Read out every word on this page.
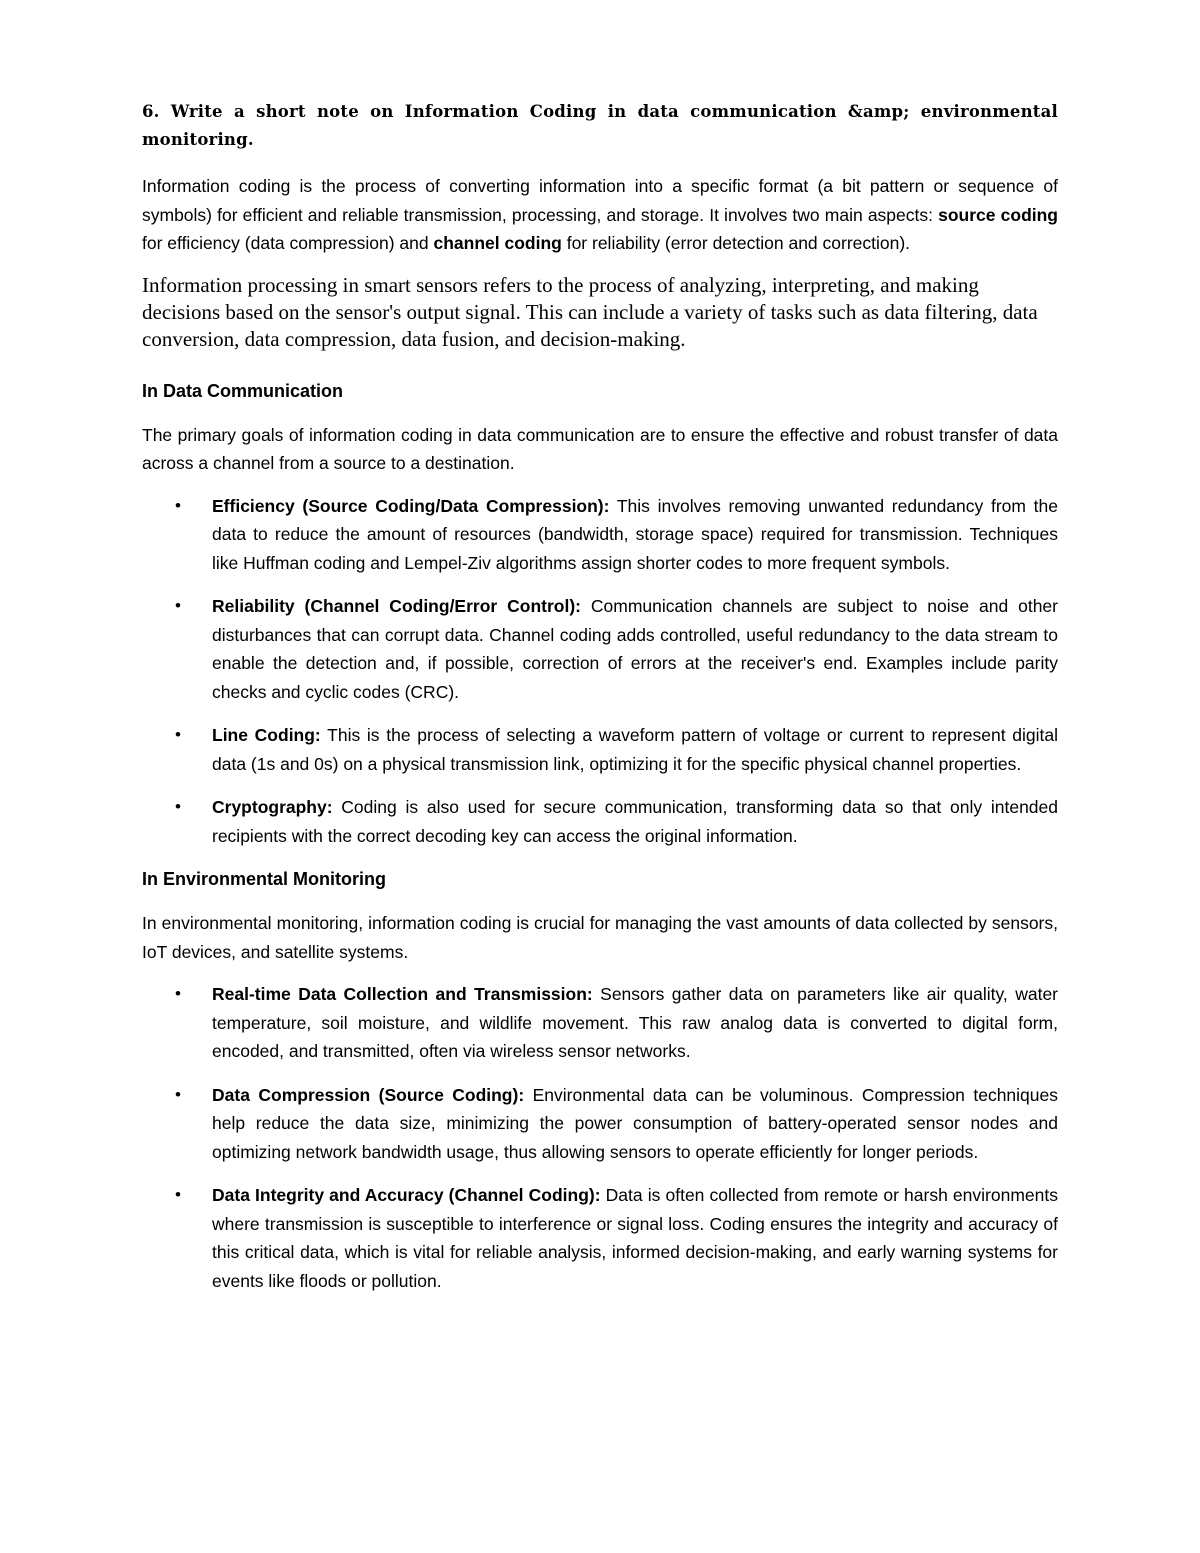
6. Write a short note on Information Coding in data communication &amp; environmental monitoring.

Information coding is the process of converting information into a specific format (a bit pattern or sequence of symbols) for efficient and reliable transmission, processing, and storage. It involves two main aspects: source coding for efficiency (data compression) and channel coding for reliability (error detection and correction).

Information processing in smart sensors refers to the process of analyzing, interpreting, and making decisions based on the sensor's output signal. This can include a variety of tasks such as data filtering, data conversion, data compression, data fusion, and decision-making.

In Data Communication

The primary goals of information coding in data communication are to ensure the effective and robust transfer of data across a channel from a source to a destination.

• Efficiency (Source Coding/Data Compression): This involves removing unwanted redundancy from the data to reduce the amount of resources (bandwidth, storage space) required for transmission. Techniques like Huffman coding and Lempel-Ziv algorithms assign shorter codes to more frequent symbols.
• Reliability (Channel Coding/Error Control): Communication channels are subject to noise and other disturbances that can corrupt data. Channel coding adds controlled, useful redundancy to the data stream to enable the detection and, if possible, correction of errors at the receiver's end. Examples include parity checks and cyclic codes (CRC).
• Line Coding: This is the process of selecting a waveform pattern of voltage or current to represent digital data (1s and 0s) on a physical transmission link, optimizing it for the specific physical channel properties.
• Cryptography: Coding is also used for secure communication, transforming data so that only intended recipients with the correct decoding key can access the original information.
In Environmental Monitoring

In environmental monitoring, information coding is crucial for managing the vast amounts of data collected by sensors, IoT devices, and satellite systems.

• Real-time Data Collection and Transmission: Sensors gather data on parameters like air quality, water temperature, soil moisture, and wildlife movement. This raw analog data is converted to digital form, encoded, and transmitted, often via wireless sensor networks.
• Data Compression (Source Coding): Environmental data can be voluminous. Compression techniques help reduce the data size, minimizing the power consumption of battery-operated sensor nodes and optimizing network bandwidth usage, thus allowing sensors to operate efficiently for longer periods.
• Data Integrity and Accuracy (Channel Coding): Data is often collected from remote or harsh environments where transmission is susceptible to interference or signal loss. Coding ensures the integrity and accuracy of this critical data, which is vital for reliable analysis, informed decision-making, and early warning systems for events like floods or pollution.
